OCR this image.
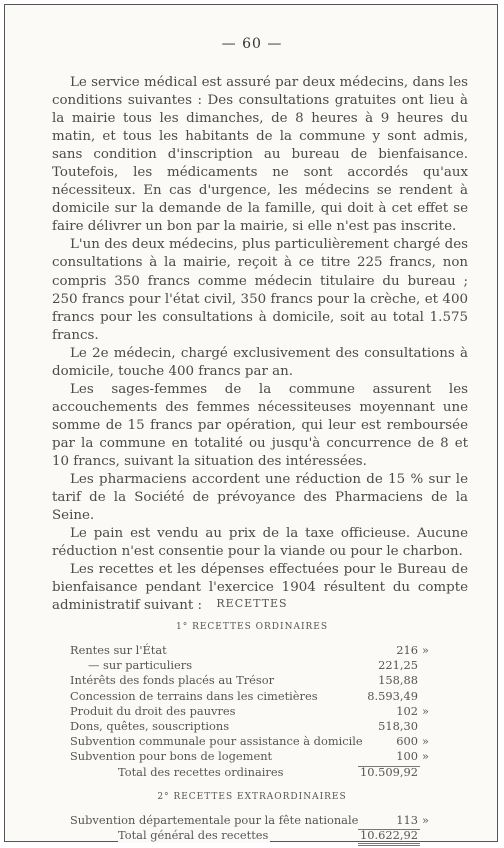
— 60 —

Le service médical est assuré par deux médecins, dans les conditions suivantes : Des consultations gratuites ont lieu à la mairie tous les dimanches, de 8 heures à 9 heures du matin, et tous les habitants de la commune y sont admis, sans condition d'inscription au bureau de bienfaisance. Toutefois, les médicaments ne sont accordés qu'aux nécessiteux. En cas d'urgence, les médecins se rendent à domicile sur la demande de la famille, qui doit à cet effet se faire délivrer un bon par la mairie, si elle n'est pas inscrite.

L'un des deux médecins, plus particulièrement chargé des consultations à la mairie, reçoit à ce titre 225 francs, non compris 350 francs comme médecin titulaire du bureau ; 250 francs pour l'état civil, 350 francs pour la crèche, et 400 francs pour les consultations à domicile, soit au total 1.575 francs.

Le 2e médecin, chargé exclusivement des consultations à domicile, touche 400 francs par an.

Les sages-femmes de la commune assurent les accouchements des femmes nécessiteuses moyennant une somme de 15 francs par opération, qui leur est remboursée par la commune en totalité ou jusqu'à concurrence de 8 et 10 francs, suivant la situation des intéressées.

Les pharmaciens accordent une réduction de 15 % sur le tarif de la Société de prévoyance des Pharmaciens de la Seine.

Le pain est vendu au prix de la taxe officieuse. Aucune réduction n'est consentie pour la viande ou pour le charbon.

Les recettes et les dépenses effectuées pour le Bureau de bienfaisance pendant l'exercice 1904 résultent du compte administratif suivant :	RECETTES
1° RECETTES ORDINAIRES
Rentes sur l'État	216 »
— sur particuliers	221,25
Intérêts des fonds placés au Trésor	158,88
Concession de terrains dans les cimetières	8.593,49
Produit du droit des pauvres	102 »
Dons, quêtes, souscriptions	518,30
Subvention communale pour assistance à domicile	600 »
Subvention pour bons de logement	100 »
Total des recettes ordinaires	10.509,92
2° RECETTES EXTRAORDINAIRES
Subvention départementale pour la fête nationale	113 »
Total général des recettes	10.622,92
